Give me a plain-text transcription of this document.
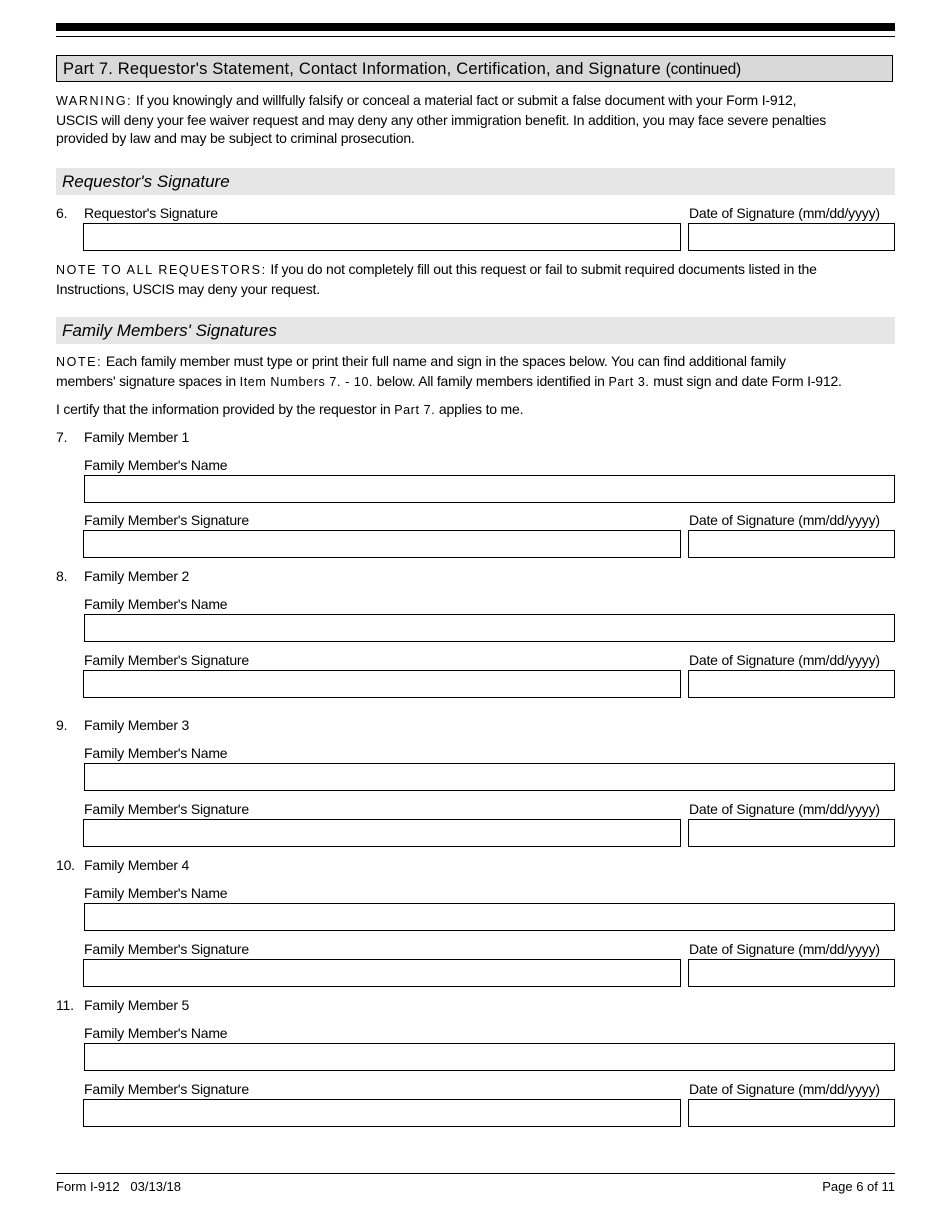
Part 7. Requestor's Statement, Contact Information, Certification, and Signature (continued)
WARNING: If you knowingly and willfully falsify or conceal a material fact or submit a false document with your Form I-912,
USCIS will deny your fee waiver request and may deny any other immigration benefit. In addition, you may face severe penalties
provided by law and may be subject to criminal prosecution.
Requestor's Signature
6. Requestor's Signature	Date of Signature (mm/dd/yyyy)
NOTE TO ALL REQUESTORS: If you do not completely fill out this request or fail to submit required documents listed in the
Instructions, USCIS may deny your request.
Family Members' Signatures
NOTE: Each family member must type or print their full name and sign in the spaces below. You can find additional family
members' signature spaces in Item Numbers 7. - 10. below. All family members identified in Part 3. must sign and date Form I-912.
I certify that the information provided by the requestor in Part 7. applies to me.
7. Family Member 1
Family Member's Name
Family Member's Signature	Date of Signature (mm/dd/yyyy)
8. Family Member 2
Family Member's Name
Family Member's Signature	Date of Signature (mm/dd/yyyy)
9. Family Member 3
Family Member's Name
Family Member's Signature	Date of Signature (mm/dd/yyyy)
10. Family Member 4
Family Member's Name
Family Member's Signature	Date of Signature (mm/dd/yyyy)
11. Family Member 5
Family Member's Name
Family Member's Signature	Date of Signature (mm/dd/yyyy)
Form I-912   03/13/18	Page 6 of 11
